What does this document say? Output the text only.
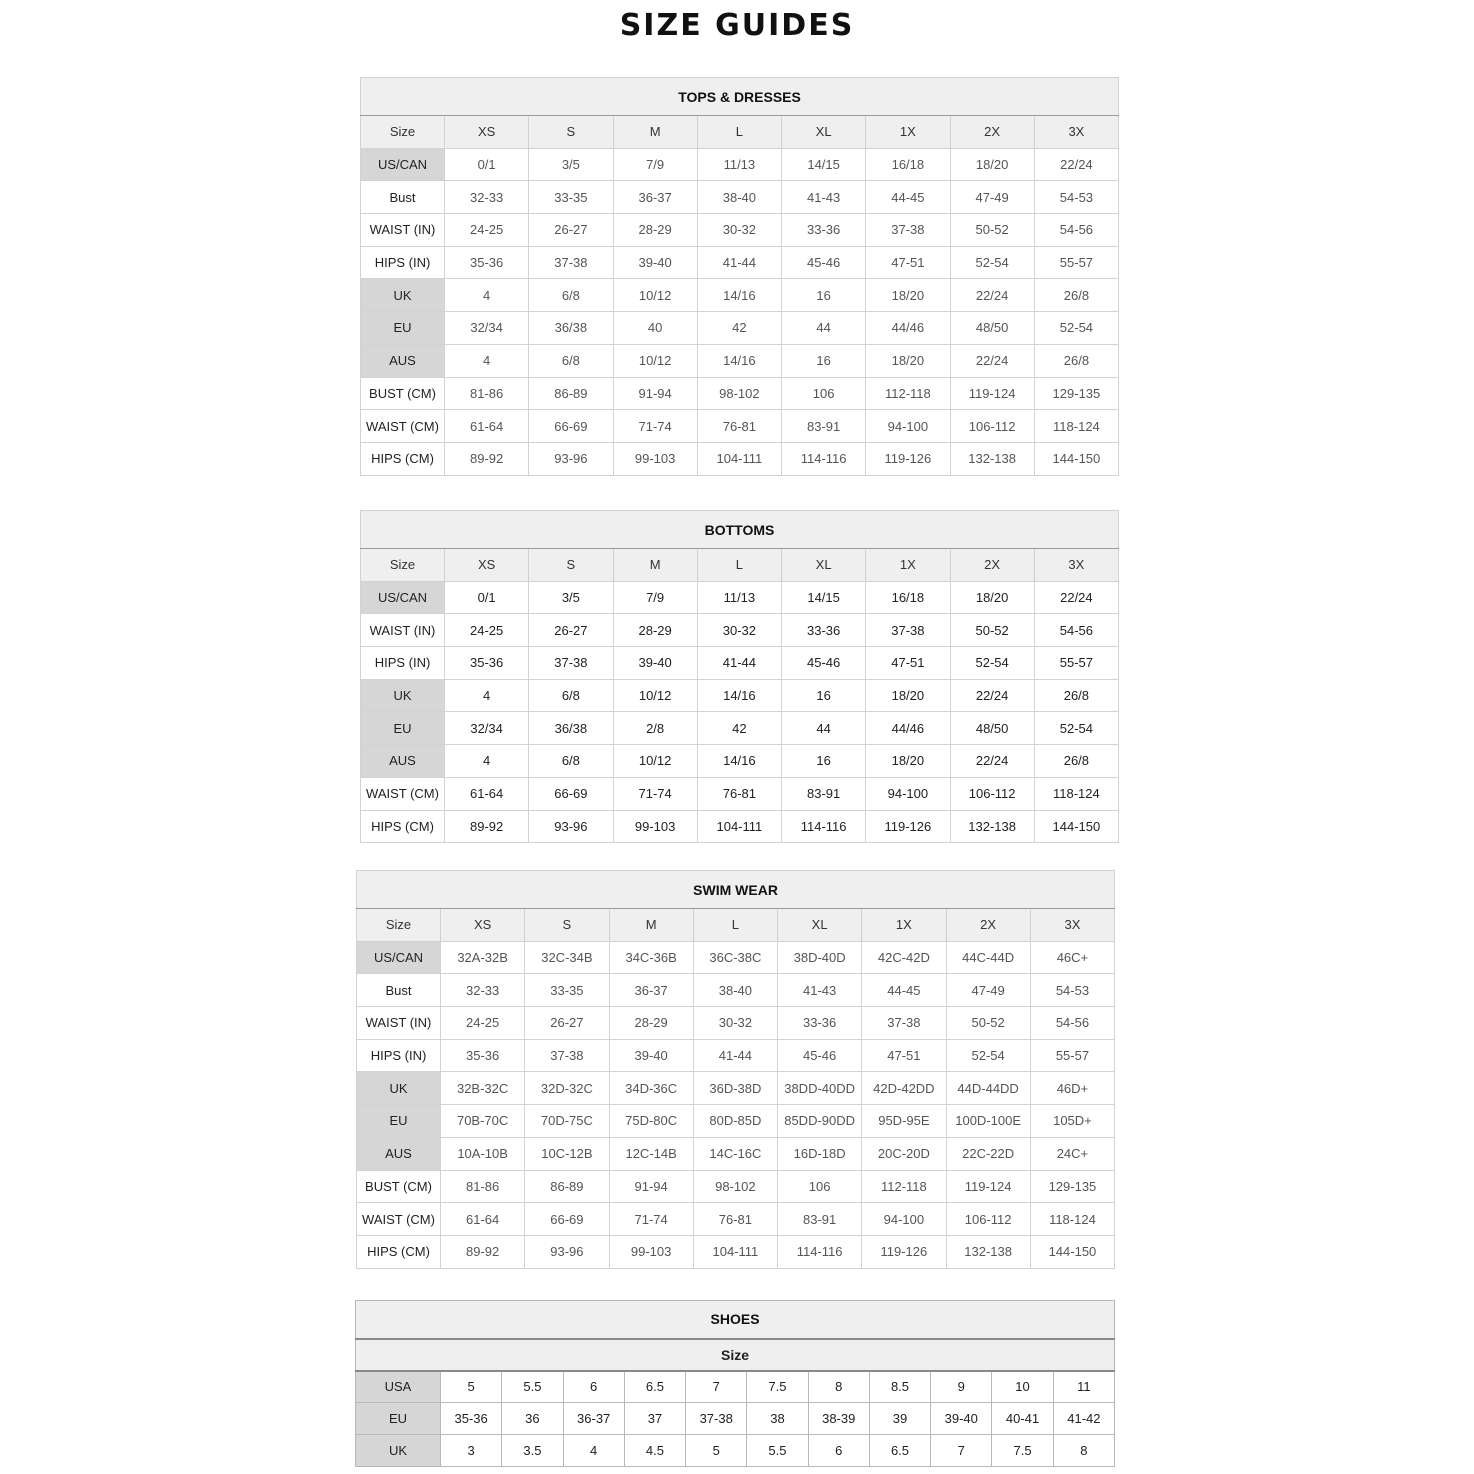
SIZE GUIDES
TOPS & DRESSES								
Size	XS	S	M	L	XL	1X	2X	3X
US/CAN	0/1	3/5	7/9	11/13	14/15	16/18	18/20	22/24
Bust	32-33	33-35	36-37	38-40	41-43	44-45	47-49	54-53
WAIST (IN)	24-25	26-27	28-29	30-32	33-36	37-38	50-52	54-56
HIPS (IN)	35-36	37-38	39-40	41-44	45-46	47-51	52-54	55-57
UK	4	6/8	10/12	14/16	16	18/20	22/24	26/8
EU	32/34	36/38	40	42	44	44/46	48/50	52-54
AUS	4	6/8	10/12	14/16	16	18/20	22/24	26/8
BUST (CM)	81-86	86-89	91-94	98-102	106	112-118	119-124	129-135
WAIST (CM)	61-64	66-69	71-74	76-81	83-91	94-100	106-112	118-124
HIPS (CM)	89-92	93-96	99-103	104-111	114-116	119-126	132-138	144-150
BOTTOMS								
Size	XS	S	M	L	XL	1X	2X	3X
US/CAN	0/1	3/5	7/9	11/13	14/15	16/18	18/20	22/24
WAIST (IN)	24-25	26-27	28-29	30-32	33-36	37-38	50-52	54-56
HIPS (IN)	35-36	37-38	39-40	41-44	45-46	47-51	52-54	55-57
UK	4	6/8	10/12	14/16	16	18/20	22/24	26/8
EU	32/34	36/38	2/8	42	44	44/46	48/50	52-54
AUS	4	6/8	10/12	14/16	16	18/20	22/24	26/8
WAIST (CM)	61-64	66-69	71-74	76-81	83-91	94-100	106-112	118-124
HIPS (CM)	89-92	93-96	99-103	104-111	114-116	119-126	132-138	144-150
SWIM WEAR								
Size	XS	S	M	L	XL	1X	2X	3X
US/CAN	32A-32B	32C-34B	34C-36B	36C-38C	38D-40D	42C-42D	44C-44D	46C+
Bust	32-33	33-35	36-37	38-40	41-43	44-45	47-49	54-53
WAIST (IN)	24-25	26-27	28-29	30-32	33-36	37-38	50-52	54-56
HIPS (IN)	35-36	37-38	39-40	41-44	45-46	47-51	52-54	55-57
UK	32B-32C	32D-32C	34D-36C	36D-38D	38DD-40DD	42D-42DD	44D-44DD	46D+
EU	70B-70C	70D-75C	75D-80C	80D-85D	85DD-90DD	95D-95E	100D-100E	105D+
AUS	10A-10B	10C-12B	12C-14B	14C-16C	16D-18D	20C-20D	22C-22D	24C+
BUST (CM)	81-86	86-89	91-94	98-102	106	112-118	119-124	129-135
WAIST (CM)	61-64	66-69	71-74	76-81	83-91	94-100	106-112	118-124
HIPS (CM)	89-92	93-96	99-103	104-111	114-116	119-126	132-138	144-150
SHOES											
Size											
USA	5	5.5	6	6.5	7	7.5	8	8.5	9	10	11
EU	35-36	36	36-37	37	37-38	38	38-39	39	39-40	40-41	41-42
UK	3	3.5	4	4.5	5	5.5	6	6.5	7	7.5	8
